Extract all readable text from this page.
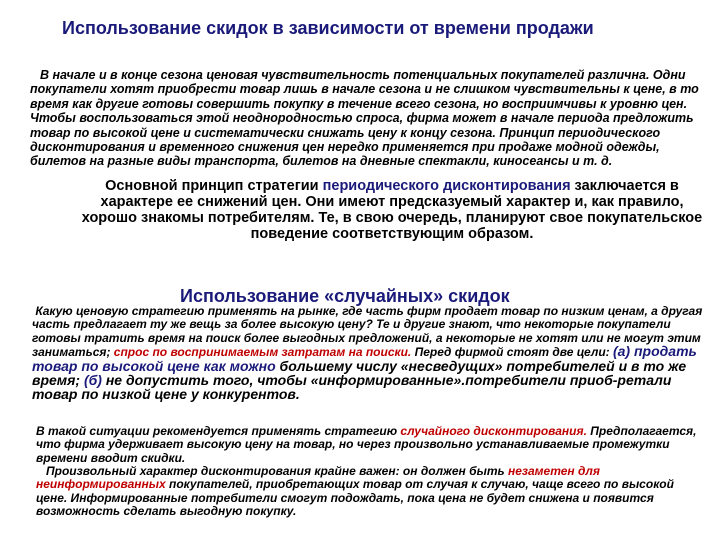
Использование скидок в зависимости от времени продажи
В начале и в конце сезона ценовая чувствительность потенциальных покупателей различна. Одни покупатели хотят приобрести товар лишь в начале сезона и не слишком чувствительны к цене, в то время как другие готовы совершить покупку в течение всего сезона, но восприимчивы к уровню цен. Чтобы воспользоваться этой неоднородностью спроса, фирма может в начале периода предложить товар по высокой цене и систематически снижать цену к концу сезона. Принцип периодического дисконтирования и временного снижения цен нередко применяется при продаже модной одежды, билетов на разные виды транспорта, билетов на дневные спектакли, киносеансы и т. д.
Основной принцип стратегии периодического дисконтирования заключается в характере ее снижений цен. Они имеют предсказуемый характер и, как правило, хорошо знакомы потребителям. Те, в свою очередь, планируют свое покупательское поведение соответствующим образом.
Использование «случайных» скидок
Какую ценовую стратегию применять на рынке, где часть фирм продает товар по низким ценам, а другая часть предлагает ту же вещь за более высокую цену? Те и другие знают, что некоторые покупатели готовы тратить время на поиск более выгодных предложений, а некоторые не хотят или не могут этим заниматься; спрос по воспринимаемым затратам на поиски. Перед фирмой стоят две цели: (а) продать товар по высокой цене как можно большему числу «несведущих» потребителей и в то же время; (б) не допустить того, чтобы «информированные».потребители приоб-ретали товар по низкой цене у конкурентов.
В такой ситуации рекомендуется применять стратегию случайного дисконтирования. Предполагается, что фирма удерживает высокую цену на товар, но через произвольно устанавливаемые промежутки времени вводит скидки.
Произвольный характер дисконтирования крайне важен: он должен быть незаметен для неинформированных покупателей, приобретающих товар от случая к случаю, чаще всего по высокой цене. Информированные потребители смогут подождать, пока цена не будет снижена и появится возможность сделать выгодную покупку.
